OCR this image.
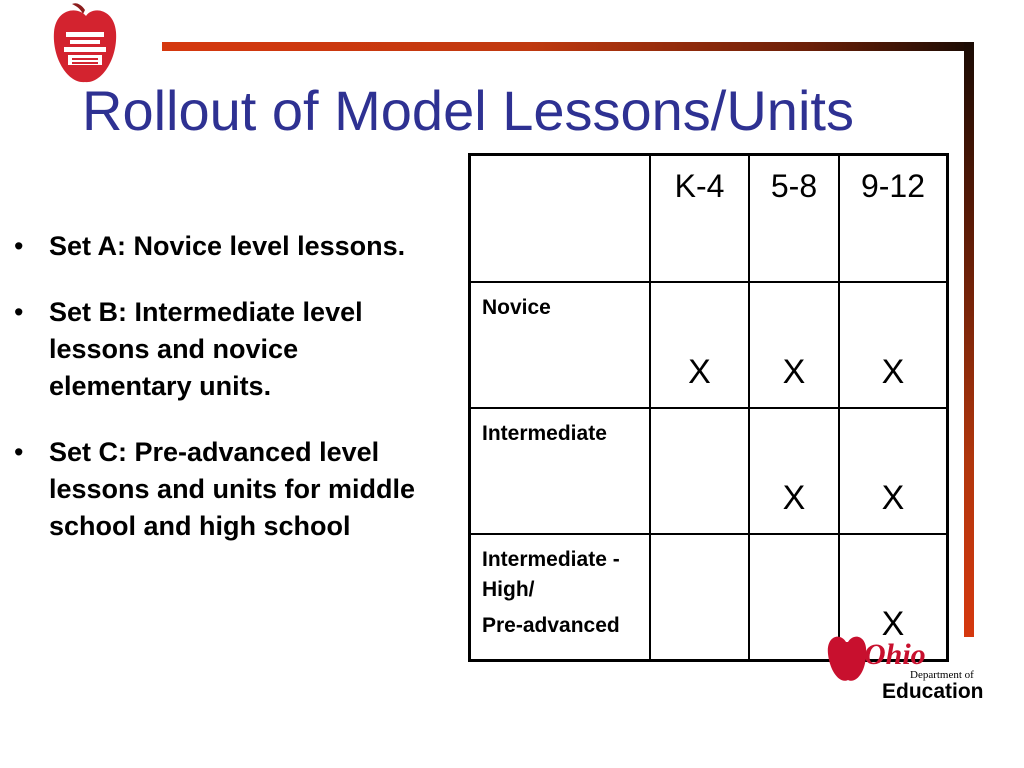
Rollout of Model Lessons/Units
• Set A: Novice level lessons.
• Set B: Intermediate level lessons and novice elementary units.
• Set C: Pre-advanced level lessons and units for middle school and high school

	K-4	5-8	9-12

Novice	X	X	X

Intermediate		X	X

Intermediate -High/
Pre-advanced			X
Ohio
Department of
Education
